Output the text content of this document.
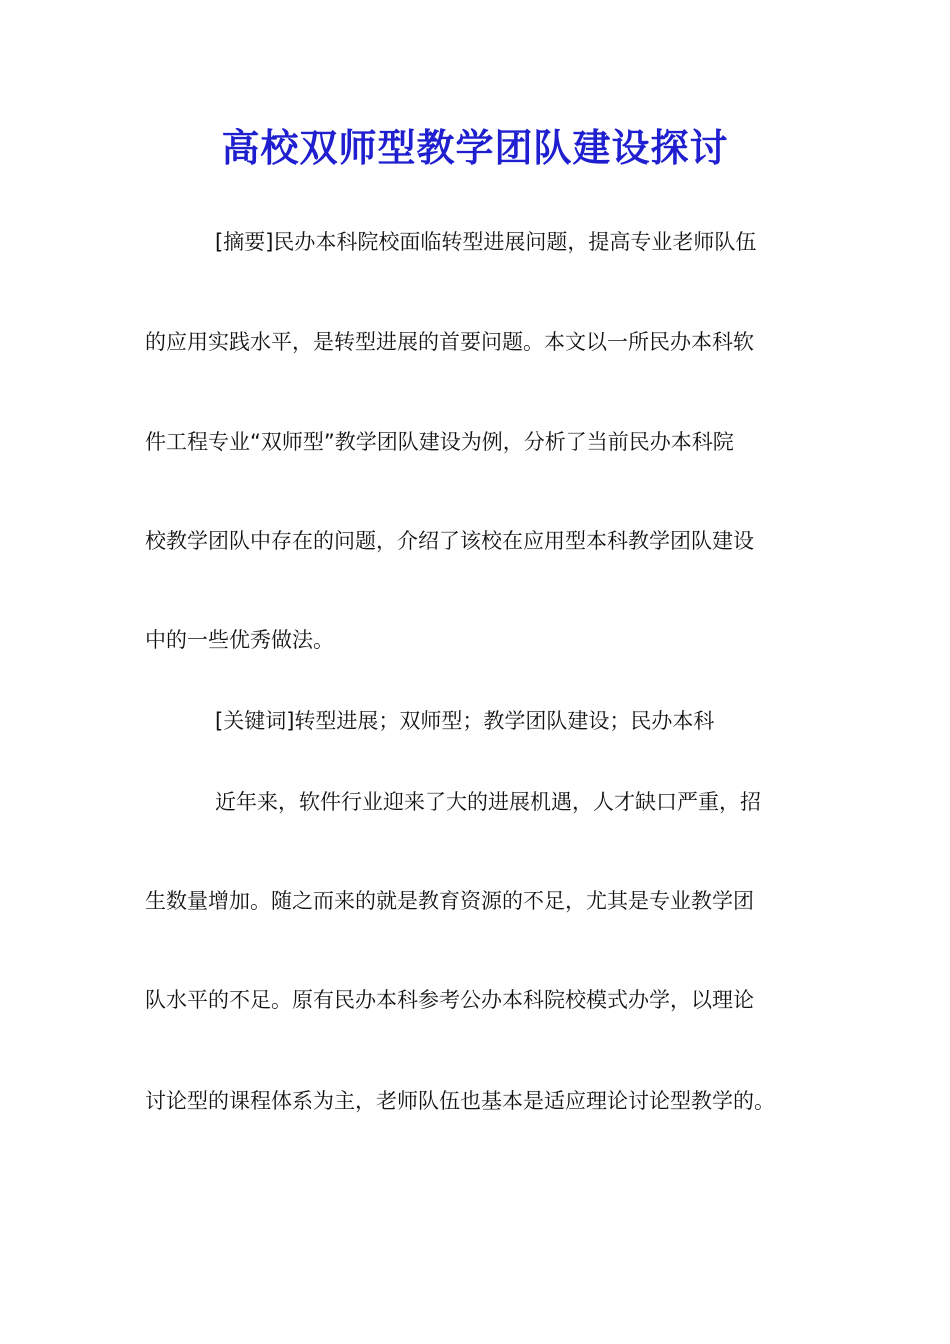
高校双师型教学团队建设探讨

[摘要]民办本科院校面临转型进展问题，提高专业老师队伍

的应用实践水平，是转型进展的首要问题。本文以一所民办本科软

件工程专业“双师型”教学团队建设为例，分析了当前民办本科院

校教学团队中存在的问题，介绍了该校在应用型本科教学团队建设

中的一些优秀做法。

[关键词]转型进展；双师型；教学团队建设；民办本科

近年来，软件行业迎来了大的进展机遇，人才缺口严重，招

生数量增加。随之而来的就是教育资源的不足，尤其是专业教学团

队水平的不足。原有民办本科参考公办本科院校模式办学，以理论

讨论型的课程体系为主，老师队伍也基本是适应理论讨论型教学的。
